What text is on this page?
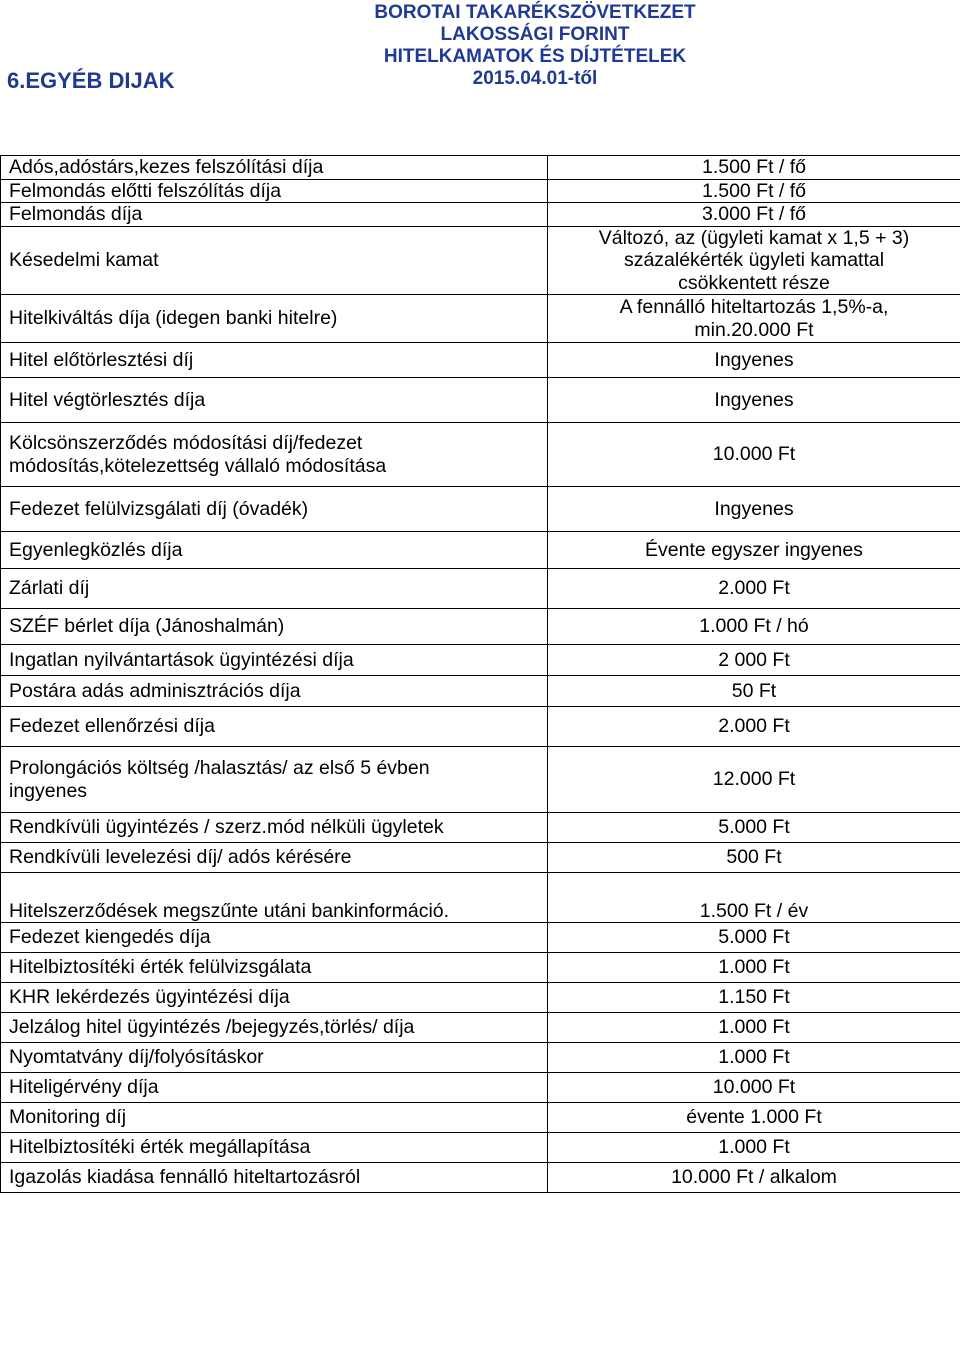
6.EGYÉB DIJAK
BOROTAI TAKARÉKSZÖVETKEZET
LAKOSSÁGI FORINT
HITELKAMATOK ÉS DÍJTÉTELEK
2015.04.01-től
Adós,adóstárs,kezes felszólítási díja	1.500 Ft / fő
Felmondás előtti felszólítás díja	1.500 Ft / fő
Felmondás díja	3.000 Ft / fő
Késedelmi kamat	Változó, az (ügyleti kamat x 1,5 + 3)
százalékérték ügyleti kamattal
csökkentett része
Hitelkiváltás díja (idegen banki hitelre)	A fennálló hiteltartozás 1,5%-a,
min.20.000 Ft
Hitel előtörlesztési díj	Ingyenes
Hitel végtörlesztés díja	Ingyenes
Kölcsönszerződés módosítási díj/fedezet
módosítás,kötelezettség vállaló módosítása	10.000 Ft
Fedezet felülvizsgálati díj (óvadék)	Ingyenes
Egyenlegközlés díja	Évente egyszer ingyenes
Zárlati díj	2.000 Ft
SZÉF bérlet díja (Jánoshalmán)	1.000 Ft / hó
Ingatlan nyilvántartások ügyintézési díja	2 000 Ft
Postára adás adminisztrációs díja	50 Ft
Fedezet ellenőrzési díja	2.000 Ft
Prolongációs költség /halasztás/ az első 5 évben
ingyenes	12.000 Ft
Rendkívüli ügyintézés / szerz.mód nélküli ügyletek	5.000 Ft
Rendkívüli levelezési díj/ adós kérésére	500 Ft
Hitelszerződések megszűnte utáni bankinformáció.	1.500 Ft / év
Fedezet kiengedés díja	5.000 Ft
Hitelbiztosítéki érték felülvizsgálata	1.000 Ft
KHR lekérdezés ügyintézési díja	1.150 Ft
Jelzálog hitel ügyintézés /bejegyzés,törlés/ díja	1.000 Ft
Nyomtatvány díj/folyósításkor	1.000 Ft
Hiteligérvény díja	10.000 Ft
Monitoring díj	évente 1.000 Ft
Hitelbiztosítéki érték megállapítása	1.000 Ft
Igazolás kiadása fennálló hiteltartozásról	10.000 Ft / alkalom
